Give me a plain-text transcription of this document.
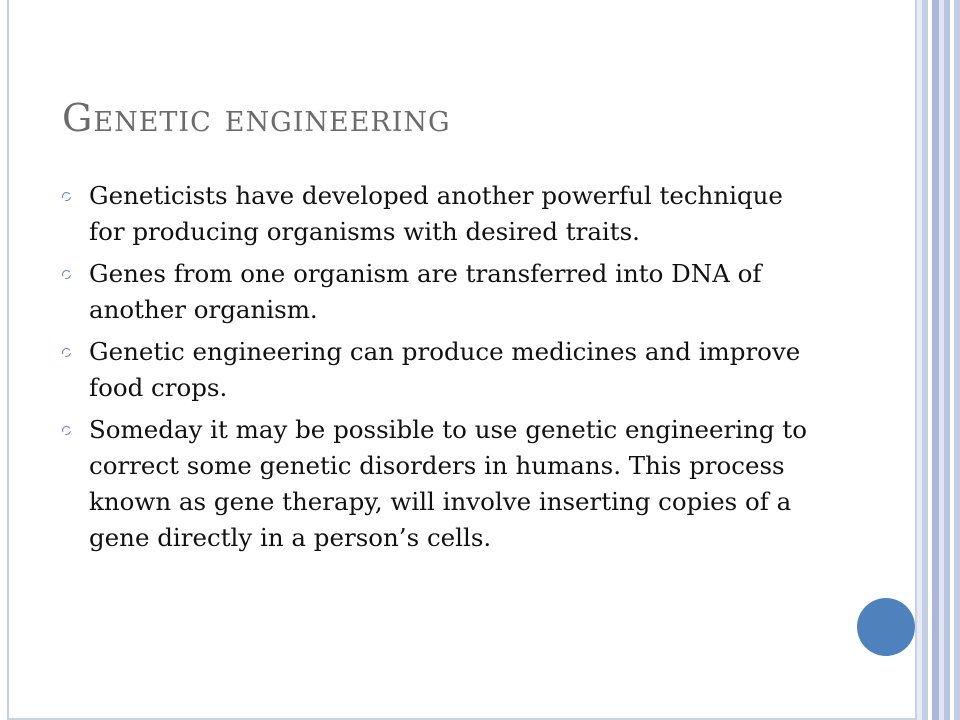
Genetic engineering
Geneticists have developed another powerful technique for producing organisms with desired traits.
Genes from one organism are transferred into DNA of another organism.
Genetic engineering can produce medicines and improve food crops.
Someday it may be possible to use genetic engineering to correct some genetic disorders in humans. This process known as gene therapy, will involve inserting copies of a gene directly in a person’s cells.
